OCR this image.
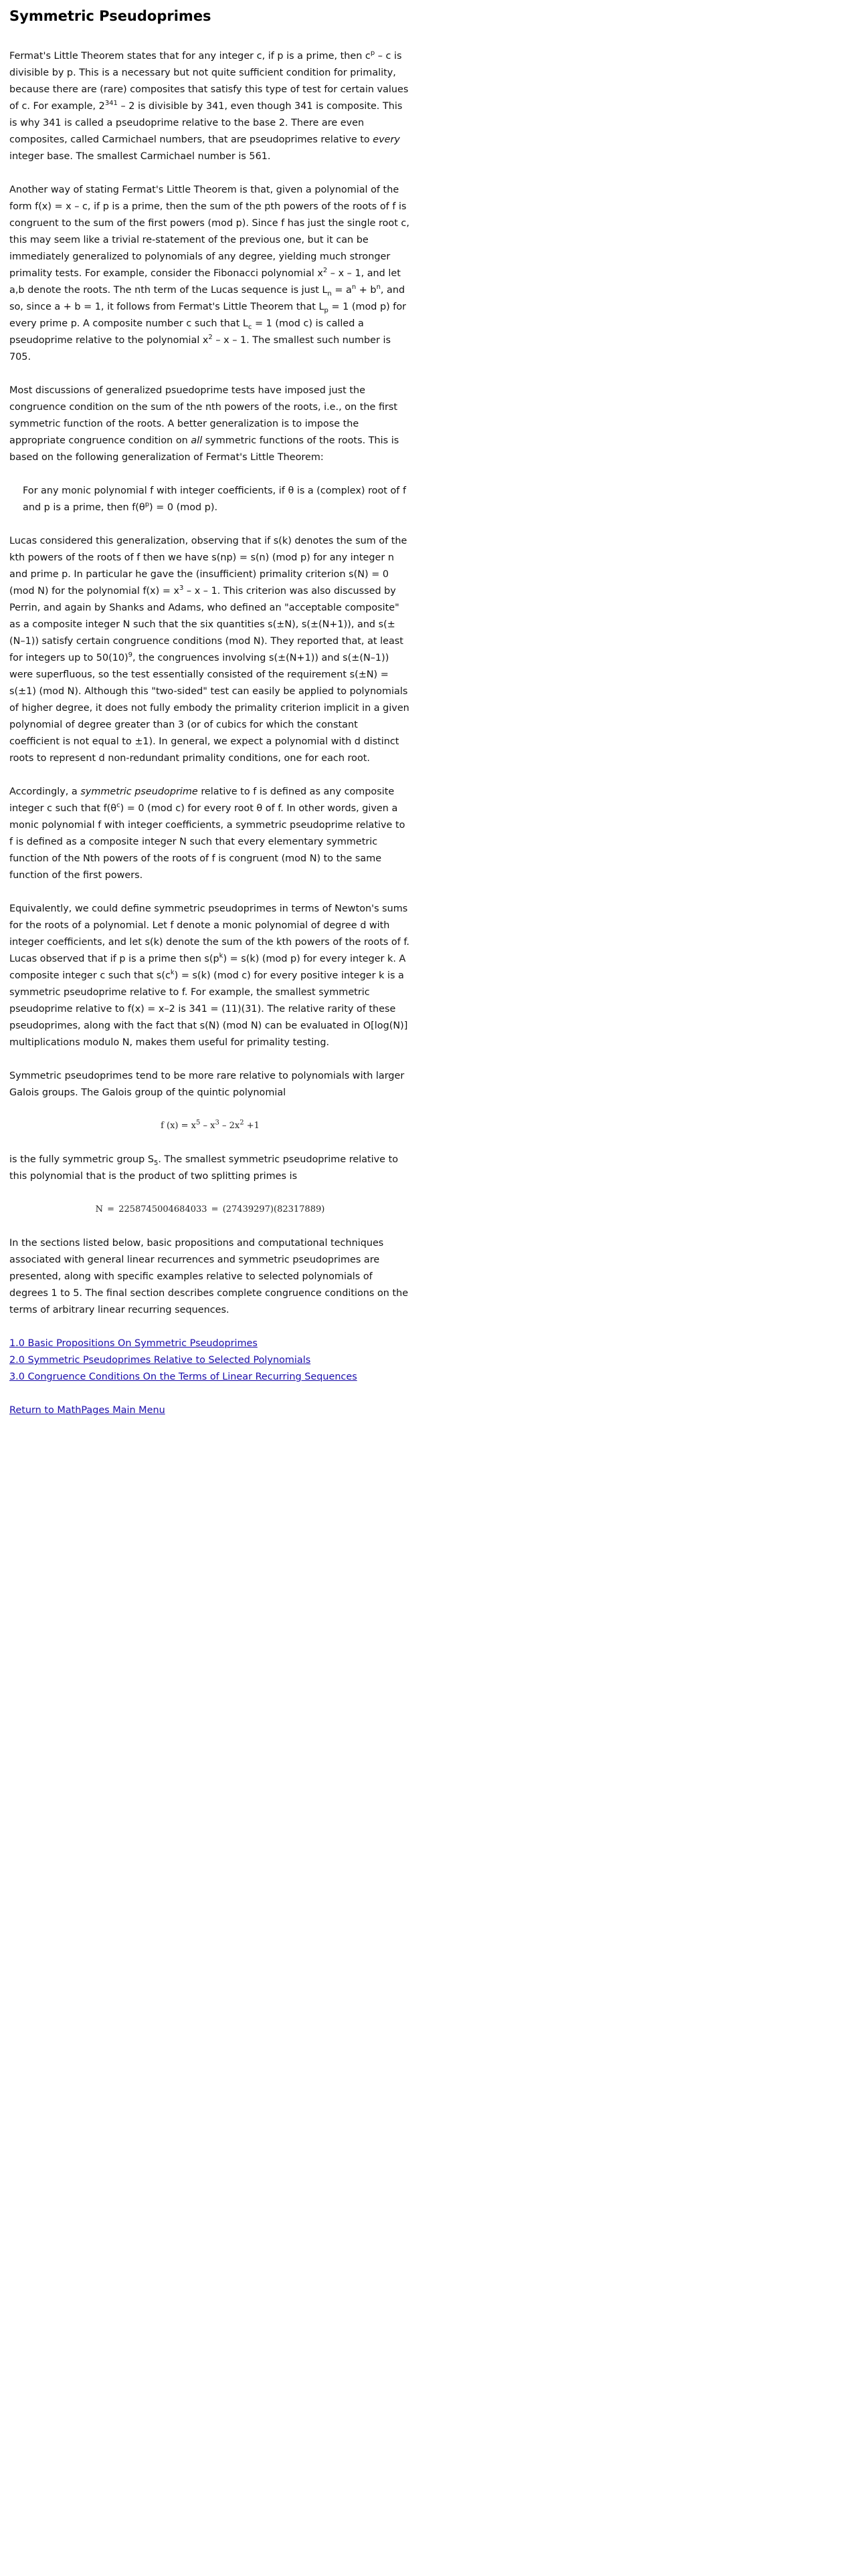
Symmetric Pseudoprimes

Fermat's Little Theorem states that for any integer c, if p is a prime, then $c^p$ – c is divisible by p. This is a necessary but not quite sufficient condition for primality, because there are (rare) composites that satisfy this type of test for certain values of c. For example, $2^{341} - 2$ is divisible by 341, even though 341 is composite. This is why 341 is called a pseudoprime relative to the base 2. There are even composites, called Carmichael numbers, that are pseudoprimes relative to every integer base. The smallest Carmichael number is 561.

Another way of stating Fermat's Little Theorem is that, given a polynomial of the form f(x) = x – c, if p is a prime, then the sum of the pth powers of the roots of f is congruent to the sum of the first powers (mod p). Since f has just the single root c, this may seem like a trivial re-statement of the previous one, but it can be immediately generalized to polynomials of any degree, yielding much stronger primality tests. For example, consider the Fibonacci polynomial $x^2$ – x – 1, and let a,b denote the roots. The nth term of the Lucas sequence is just $L_n = a^n + b^n$, and so, since a + b = 1, it follows from Fermat's Little Theorem that $L_p = 1$ (mod p) for every prime p. A composite number c such that $L_c = 1$ (mod c) is called a pseudoprime relative to the polynomial $x^2$ – x – 1. The smallest such number is 705.

Most discussions of generalized psuedoprime tests have imposed just the congruence condition on the sum of the nth powers of the roots, i.e., on the first symmetric function of the roots. A better generalization is to impose the appropriate congruence condition on all symmetric functions of the roots. This is based on the following generalization of Fermat's Little Theorem:

For any monic polynomial f with integer coefficients, if θ is a (complex) root of f and p is a prime, then $f(\theta^p) = 0$ (mod p).

Lucas considered this generalization, observing that if s(k) denotes the sum of the kth powers of the roots of f then we have s(np) = s(n) (mod p) for any integer n and prime p. In particular he gave the (insufficient) primality criterion s(N) = 0 (mod N) for the polynomial $f(x) = x^3 - x - 1$. This criterion was also discussed by Perrin, and again by Shanks and Adams, who defined an "acceptable composite" as a composite integer N such that the six quantities s(±N), s(±(N+1)), and s(±(N–1)) satisfy certain congruence conditions (mod N). They reported that, at least for integers up to $50(10)^9$, the congruences involving s(±(N+1)) and s(±(N–1)) were superfluous, so the test essentially consisted of the requirement s(±N) = s(±1) (mod N). Although this "two-sided" test can easily be applied to polynomials of higher degree, it does not fully embody the primality criterion implicit in a given polynomial of degree greater than 3 (or of cubics for which the constant coefficient is not equal to ±1). In general, we expect a polynomial with d distinct roots to represent d non-redundant primality conditions, one for each root.

Accordingly, a symmetric pseudoprime relative to f is defined as any composite integer c such that $f(\theta^c) = 0$ (mod c) for every root θ of f. In other words, given a monic polynomial f with integer coefficients, a symmetric pseudoprime relative to f is defined as a composite integer N such that every elementary symmetric function of the Nth powers of the roots of f is congruent (mod N) to the same function of the first powers.

Equivalently, we could define symmetric pseudoprimes in terms of Newton's sums for the roots of a polynomial. Let f denote a monic polynomial of degree d with integer coefficients, and let s(k) denote the sum of the kth powers of the roots of f. Lucas observed that if p is a prime then $s(p^k) = s(k)$ (mod p) for every integer k. A composite integer c such that $s(c^k) = s(k)$ (mod c) for every positive integer k is a symmetric pseudoprime relative to f. For example, the smallest symmetric pseudoprime relative to f(x) = x–2 is 341 = (11)(31). The relative rarity of these pseudoprimes, along with the fact that s(N) (mod N) can be evaluated in O[log(N)] multiplications modulo N, makes them useful for primality testing.

Symmetric pseudoprimes tend to be more rare relative to polynomials with larger Galois groups. The Galois group of the quintic polynomial

f $(x) = x^5 - x^3 - 2x^2 +1$

is the fully symmetric group $S_5$. The smallest symmetric pseudoprime relative to this polynomial that is the product of two splitting primes is

N = 2258745004684033 = (27439297)(82317889)

In the sections listed below, basic propositions and computational techniques associated with general linear recurrences and symmetric pseudoprimes are presented, along with specific examples relative to selected polynomials of degrees 1 to 5. The final section describes complete congruence conditions on the terms of arbitrary linear recurring sequences.

1.0 Basic Propositions On Symmetric Pseudoprimes
2.0 Symmetric Pseudoprimes Relative to Selected Polynomials
3.0 Congruence Conditions On the Terms of Linear Recurring Sequences
Return to MathPages Main Menu
